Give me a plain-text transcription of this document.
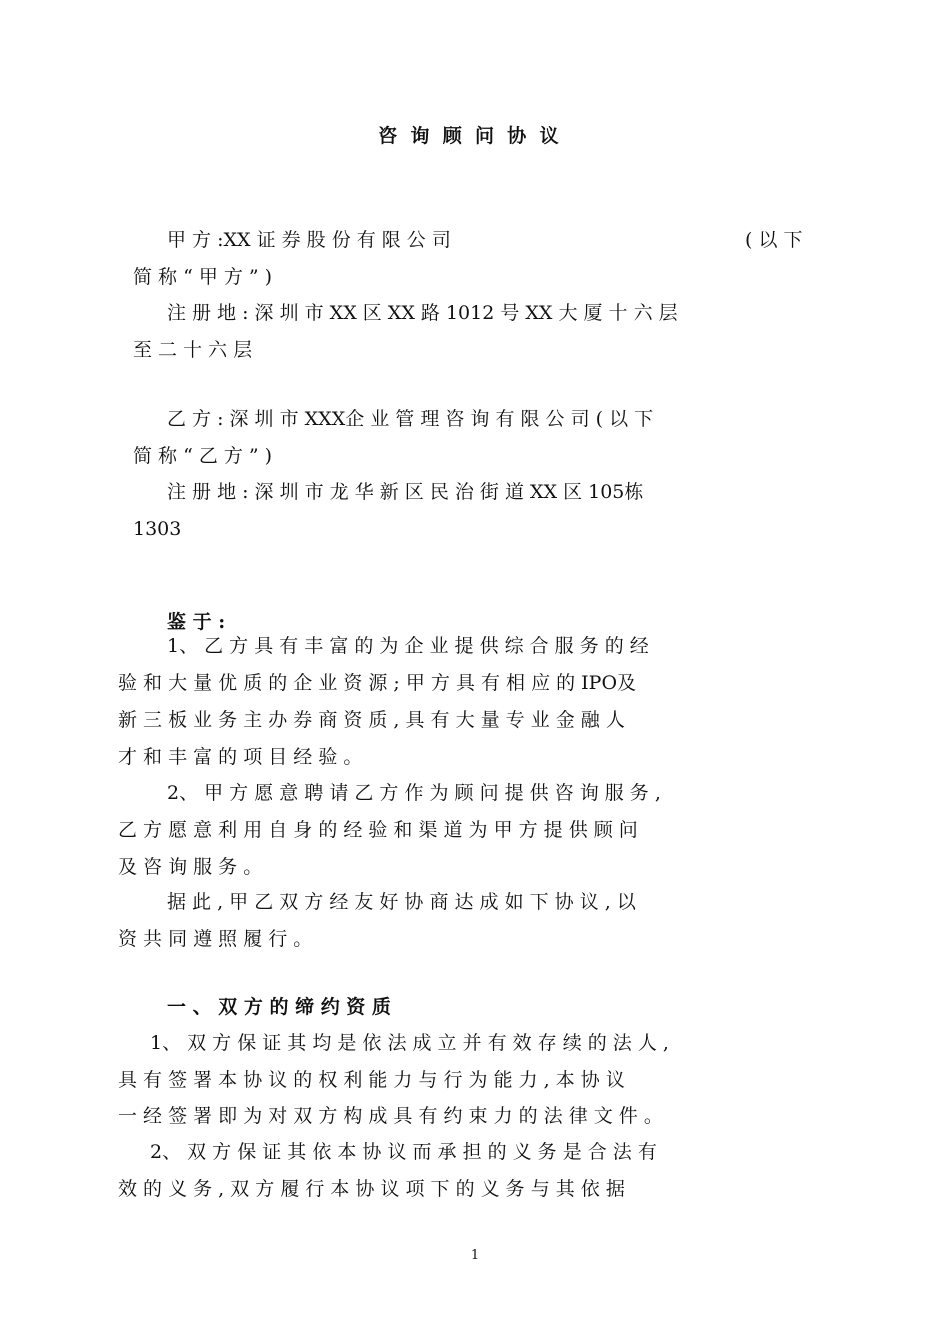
咨询顾问协议
甲 方 :XX 证 券 股 份 有 限 公 司	( 以 下
简 称 “ 甲 方 ” )
注 册 地 : 深 圳 市 XX 区 XX 路 1012 号 XX 大 厦 十 六 层
至 二 十 六 层
乙 方 : 深 圳 市 XXX企 业 管 理 咨 询 有 限 公 司 ( 以 下
简 称 “ 乙 方 ” )
注 册 地 : 深 圳 市 龙 华 新 区 民 治 街 道 XX 区 105栋
1303
鉴 于 :
1、 乙 方 具 有 丰 富 的 为 企 业 提 供 综 合 服 务 的 经
验 和 大 量 优 质 的 企 业 资 源 ; 甲 方 具 有 相 应 的 IPO及
新 三 板 业 务 主 办 券 商 资 质 , 具 有 大 量 专 业 金 融 人
才 和 丰 富 的 项 目 经 验 。
2、 甲 方 愿 意 聘 请 乙 方 作 为 顾 问 提 供 咨 询 服 务 ,
乙 方 愿 意 利 用 自 身 的 经 验 和 渠 道 为 甲 方 提 供 顾 问
及 咨 询 服 务 。
据 此 , 甲 乙 双 方 经 友 好 协 商 达 成 如 下 协 议 , 以
资 共 同 遵 照 履 行 。
一 、 双 方 的 缔 约 资 质
1、 双 方 保 证 其 均 是 依 法 成 立 并 有 效 存 续 的 法 人 ,
具 有 签 署 本 协 议 的 权 利 能 力 与 行 为 能 力 , 本 协 议
一 经 签 署 即 为 对 双 方 构 成 具 有 约 束 力 的 法 律 文 件 。
2、 双 方 保 证 其 依 本 协 议 而 承 担 的 义 务 是 合 法 有
效 的 义 务 , 双 方 履 行 本 协 议 项 下 的 义 务 与 其 依 据
1
